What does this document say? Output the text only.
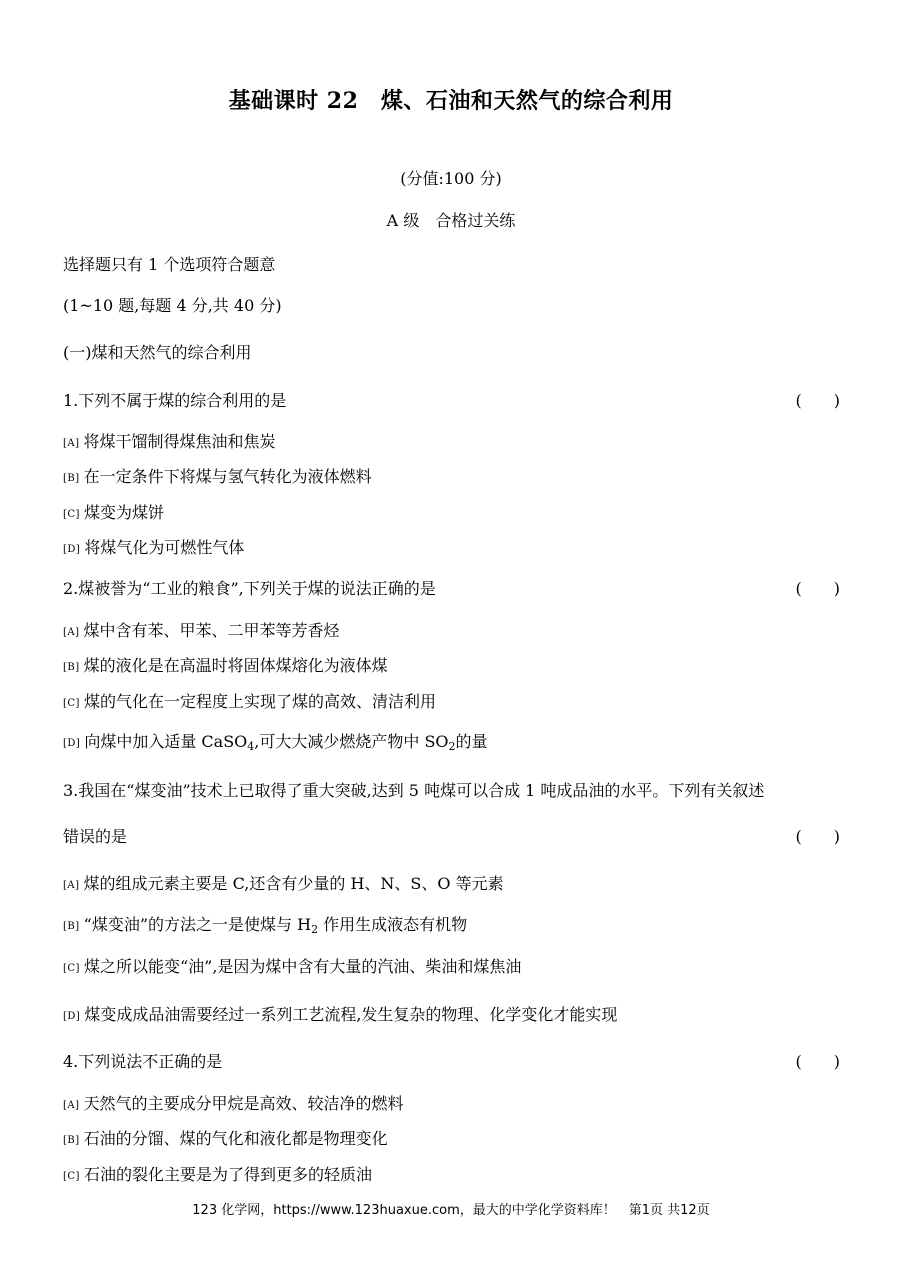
基础课时 22　煤、石油和天然气的综合利用
(分值:100 分)
A 级　合格过关练
选择题只有 1 个选项符合题意
(1~10 题,每题 4 分,共 40 分)
(一)煤和天然气的综合利用
1.下列不属于煤的综合利用的是	(　　)
[A] 将煤干馏制得煤焦油和焦炭
[B] 在一定条件下将煤与氢气转化为液体燃料
[C] 煤变为煤饼
[D] 将煤气化为可燃性气体
2.煤被誉为“工业的粮食”,下列关于煤的说法正确的是	(　　)
[A] 煤中含有苯、甲苯、二甲苯等芳香烃
[B] 煤的液化是在高温时将固体煤熔化为液体煤
[C] 煤的气化在一定程度上实现了煤的高效、清洁利用
[D] 向煤中加入适量 CaSO$_4$,可大大减少燃烧产物中 $SO_2$的量
3.我国在“煤变油”技术上已取得了重大突破,达到 5 吨煤可以合成 1 吨成品油的水平。下列有关叙述
错误的是	(　　)
[A] 煤的组成元素主要是 C,还含有少量的 H、N、S、O 等元素
[B] “煤变油”的方法之一是使煤与 $H_2$ 作用生成液态有机物
[C] 煤之所以能变“油”,是因为煤中含有大量的汽油、柴油和煤焦油
[D] 煤变成成品油需要经过一系列工艺流程,发生复杂的物理、化学变化才能实现
4.下列说法不正确的是	(　　)
[A] 天然气的主要成分甲烷是高效、较洁净的燃料
[B] 石油的分馏、煤的气化和液化都是物理变化
[C] 石油的裂化主要是为了得到更多的轻质油
123 化学网，https://www.123huaxue.com，最大的中学化学资料库！　第1页 共12页
